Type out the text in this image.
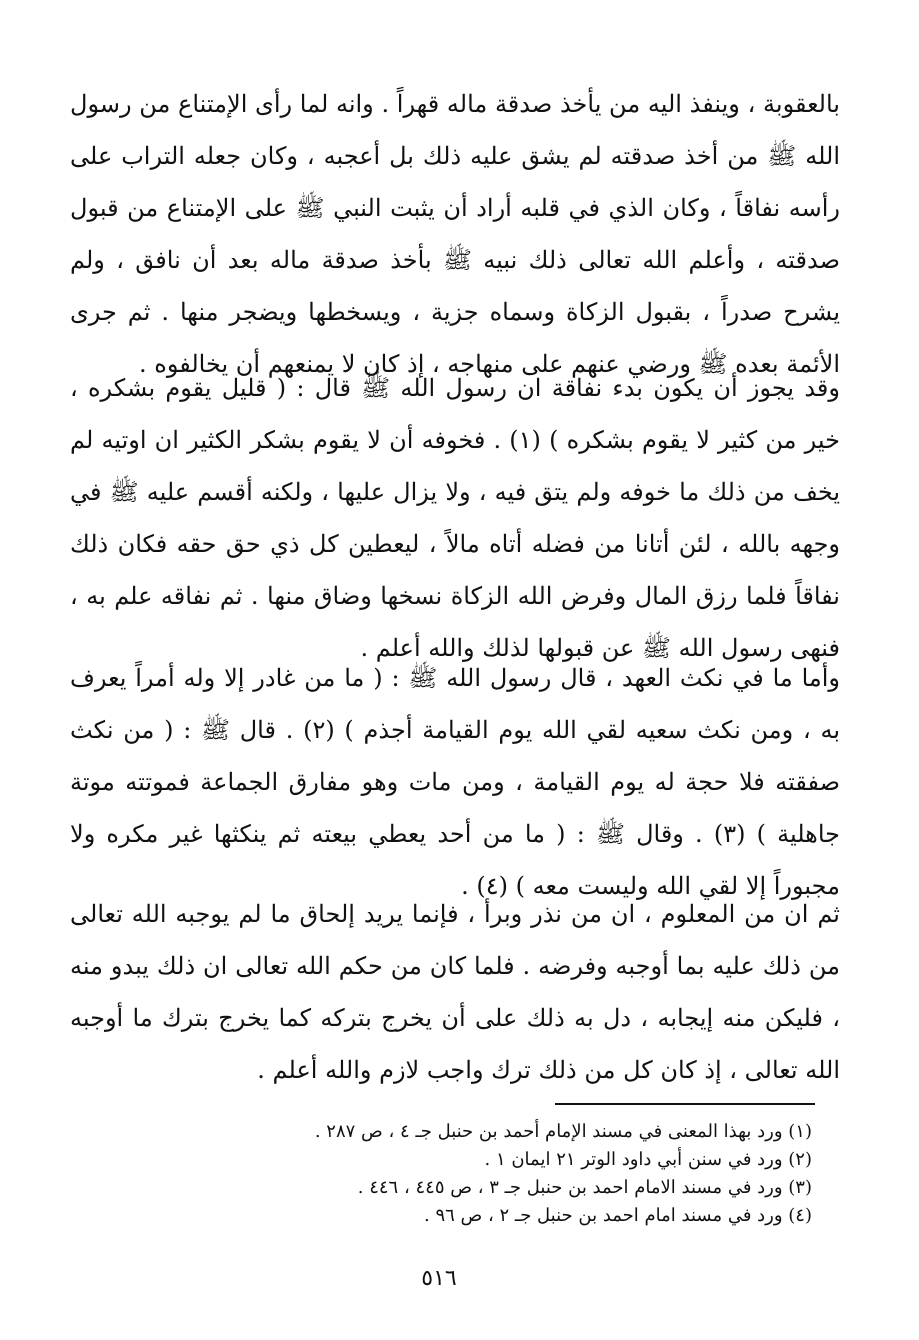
بالعقوبة ، وينفذ اليه من يأخذ صدقة ماله قهراً . وانه لما رأى الإمتناع من رسول الله ﷺ من أخذ صدقته لم يشق عليه ذلك بل أعجبه ، وكان جعله التراب على رأسه نفاقاً ، وكان الذي في قلبه أراد أن يثبت النبي ﷺ على الإمتناع من قبول صدقته ، وأعلم الله تعالى ذلك نبيه ﷺ بأخذ صدقة ماله بعد أن نافق ، ولم يشرح صدراً ، بقبول الزكاة وسماه جزية ، ويسخطها ويضجر منها . ثم جرى الأئمة بعده ﷺ ورضي عنهم على منهاجه ، إذ كان لا يمنعهم أن يخالفوه .

وقد يجوز أن يكون بدء نفاقة ان رسول الله ﷺ قال : ( قليل يقوم بشكره ، خير من كثير لا يقوم بشكره ) (١) . فخوفه أن لا يقوم بشكر الكثير ان اوتيه لم يخف من ذلك ما خوفه ولم يتق فيه ، ولا يزال عليها ، ولكنه أقسم عليه ﷺ في وجهه بالله ، لئن أتانا من فضله أتاه مالاً ، ليعطين كل ذي حق حقه فكان ذلك نفاقاً فلما رزق المال وفرض الله الزكاة نسخها وضاق منها . ثم نفاقه علم به ، فنهى رسول الله ﷺ عن قبولها لذلك والله أعلم .

وأما ما في نكث العهد ، قال رسول الله ﷺ : ( ما من غادر إلا وله أمراً يعرف به ، ومن نكث سعيه لقي الله يوم القيامة أجذم ) (٢) . قال ﷺ : ( من نكث صفقته فلا حجة له يوم القيامة ، ومن مات وهو مفارق الجماعة فموتته موتة جاهلية ) (٣) . وقال ﷺ : ( ما من أحد يعطي بيعته ثم ينكثها غير مكره ولا مجبوراً إلا لقي الله وليست معه ) (٤) .

ثم ان من المعلوم ، ان من نذر وبرأ ، فإنما يريد إلحاق ما لم يوجبه الله تعالى من ذلك عليه بما أوجبه وفرضه . فلما كان من حكم الله تعالى ان ذلك يبدو منه ، فليكن منه إيجابه ، دل به ذلك على أن يخرج بتركه كما يخرج بترك ما أوجبه الله تعالى ، إذ كان كل من ذلك ترك واجب لازم والله أعلم .

(١) ورد بهذا المعنى في مسند الإمام أحمد بن حنبل جـ ٤ ، ص ٢٨٧ .
(٢) ورد في سنن أبي داود الوتر ٢١ ايمان ١ .
(٣) ورد في مسند الامام احمد بن حنبل جـ ٣ ، ص ٤٤٥ ، ٤٤٦ .
(٤) ورد في مسند امام احمد بن حنبل جـ ٢ ، ص ٩٦ .
٥١٦
